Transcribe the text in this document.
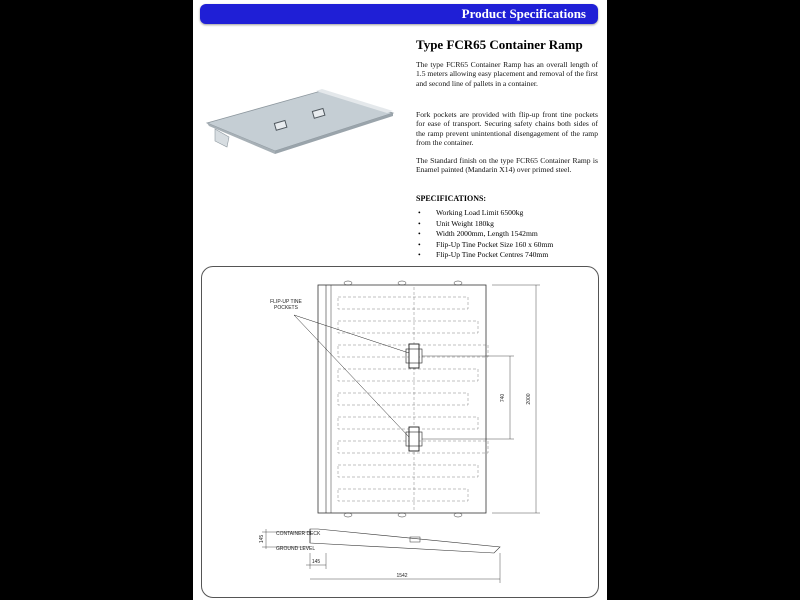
Product Specifications
Type FCR65 Container Ramp

The type FCR65 Container Ramp has an overall length of 1.5 meters allowing easy placement and removal of the first and second line of pallets in a container.

Fork pockets are provided with flip-up front tine pockets for ease of transport. Securing safety chains both sides of the ramp prevent unintentional disengagement of the ramp from the container.

The Standard finish on the type FCR65 Container Ramp is Enamel painted (Mandarin X14) over primed steel.

SPECIFICATIONS:
• Working Load Limit 6500kg
• Unit Weight 180kg
• Width 2000mm, Length 1542mm
• Flip-Up Tine Pocket Size 160 x 60mm
• Flip-Up Tine Pocket Centres 740mm
FLIP-UP TINE
POCKETS
740	2000
145
CONTAINER DECK
GROUND LEVEL
145
1542
